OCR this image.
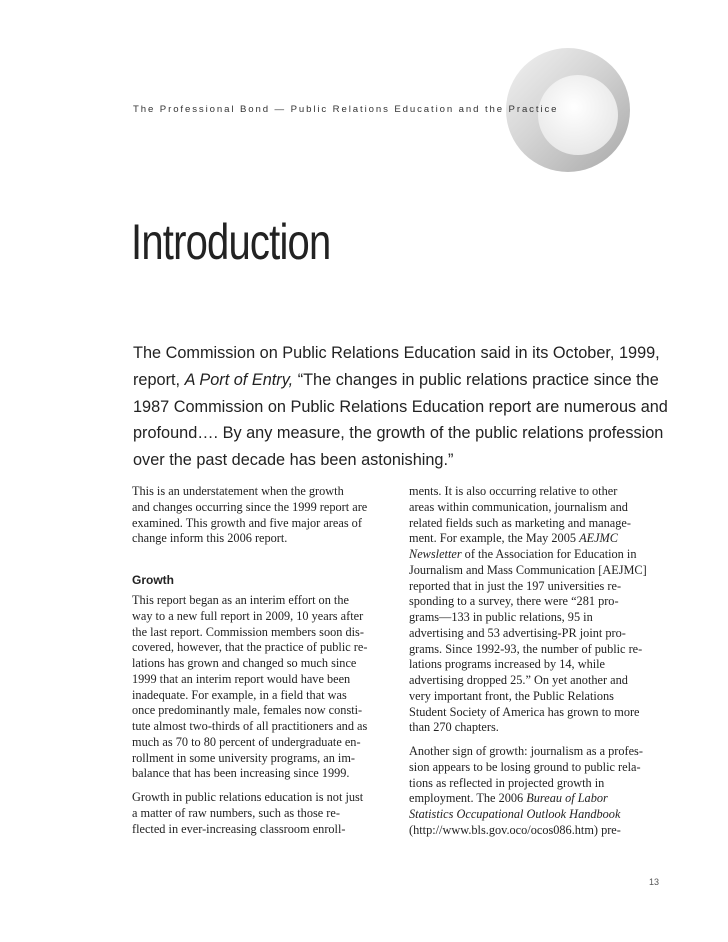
The Professional Bond — Public Relations Education and the Practice
Introduction

The Commission on Public Relations Education said in its October, 1999, report, A Port of Entry, “The changes in public relations practice since the 1987 Commission on Public Relations Education report are numerous and profound…. By any measure, the growth of the public relations profession over the past decade has been astonishing.”

This is an understatement when the growth
and changes occurring since the 1999 report are
examined. This growth and five major areas of
change inform this 2006 report.

Growth

This report began as an interim effort on the
way to a new full report in 2009, 10 years after
the last report. Commission members soon dis-
covered, however, that the practice of public re-
lations has grown and changed so much since
1999 that an interim report would have been
inadequate. For example, in a field that was
once predominantly male, females now consti-
tute almost two-thirds of all practitioners and as
much as 70 to 80 percent of undergraduate en-
rollment in some university programs, an im-
balance that has been increasing since 1999.

Growth in public relations education is not just
a matter of raw numbers, such as those re-
flected in ever-increasing classroom enroll-

ments. It is also occurring relative to other
areas within communication, journalism and
related fields such as marketing and manage-
ment. For example, the May 2005 AEJMC
Newsletter of the Association for Education in
Journalism and Mass Communication [AEJMC]
reported that in just the 197 universities re-
sponding to a survey, there were “281 pro-
grams—133 in public relations, 95 in
advertising and 53 advertising-PR joint pro-
grams. Since 1992-93, the number of public re-
lations programs increased by 14, while
advertising dropped 25.” On yet another and
very important front, the Public Relations
Student Society of America has grown to more
than 270 chapters.

Another sign of growth: journalism as a profes-
sion appears to be losing ground to public rela-
tions as reflected in projected growth in
employment. The 2006 Bureau of Labor
Statistics Occupational Outlook Handbook
(http://www.bls.gov.oco/ocos086.htm) pre-

13
